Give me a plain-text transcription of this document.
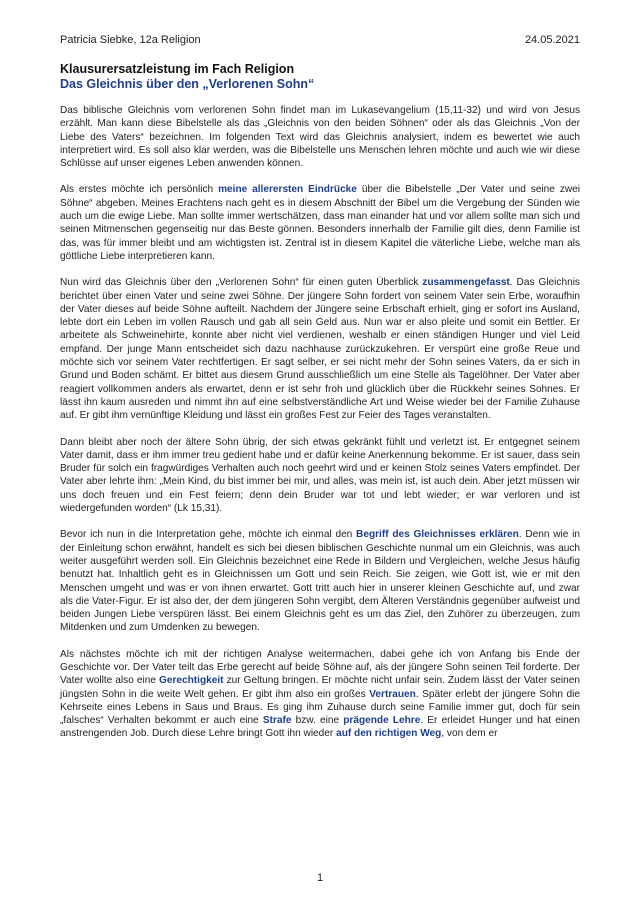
Patricia Siebke, 12a Religion	24.05.2021
Klausurersatzleistung im Fach Religion
Das Gleichnis über den „Verlorenen Sohn“

Das biblische Gleichnis vom verlorenen Sohn findet man im Lukasevangelium (15,11-32) und wird von Jesus erzählt. Man kann diese Bibelstelle als das „Gleichnis von den beiden Söhnen“ oder als das Gleichnis „Von der Liebe des Vaters“ bezeichnen. Im folgenden Text wird das Gleichnis analysiert, indem es bewertet wie auch interpretiert wird. Es soll also klar werden, was die Bibelstelle uns Menschen lehren möchte und auch wie wir diese Schlüsse auf unser eigenes Leben anwenden können.

Als erstes möchte ich persönlich meine allerersten Eindrücke über die Bibelstelle „Der Vater und seine zwei Söhne“ abgeben. Meines Erachtens nach geht es in diesem Abschnitt der Bibel um die Vergebung der Sünden wie auch um die ewige Liebe. Man sollte immer wertschätzen, dass man einander hat und vor allem sollte man sich und seinen Mitmenschen gegenseitig nur das Beste gönnen. Besonders innerhalb der Familie gilt dies, denn Familie ist das, was für immer bleibt und am wichtigsten ist. Zentral ist in diesem Kapitel die väterliche Liebe, welche man als göttliche Liebe interpretieren kann.

Nun wird das Gleichnis über den „Verlorenen Sohn“ für einen guten Überblick zusammengefasst. Das Gleichnis berichtet über einen Vater und seine zwei Söhne. Der jüngere Sohn fordert von seinem Vater sein Erbe, woraufhin der Vater dieses auf beide Söhne aufteilt. Nachdem der Jüngere seine Erbschaft erhielt, ging er sofort ins Ausland, lebte dort ein Leben im vollen Rausch und gab all sein Geld aus. Nun war er also pleite und somit ein Bettler. Er arbeitete als Schweinehirte, konnte aber nicht viel verdienen, weshalb er einen ständigen Hunger und viel Leid empfand. Der junge Mann entscheidet sich dazu nachhause zurückzukehren. Er verspürt eine große Reue und möchte sich vor seinem Vater rechtfertigen. Er sagt selber, er sei nicht mehr der Sohn seines Vaters, da er sich in Grund und Boden schämt. Er bittet aus diesem Grund ausschließlich um eine Stelle als Tagelöhner. Der Vater aber reagiert vollkommen anders als erwartet, denn er ist sehr froh und glücklich über die Rückkehr seines Sohnes. Er lässt ihn kaum ausreden und nimmt ihn auf eine selbstverständliche Art und Weise wieder bei der Familie Zuhause auf. Er gibt ihm vernünftige Kleidung und lässt ein großes Fest zur Feier des Tages veranstalten.

Dann bleibt aber noch der ältere Sohn übrig, der sich etwas gekränkt fühlt und verletzt ist. Er entgegnet seinem Vater damit, dass er ihm immer treu gedient habe und er dafür keine Anerkennung bekomme. Er ist sauer, dass sein Bruder für solch ein fragwürdiges Verhalten auch noch geehrt wird und er keinen Stolz seines Vaters empfindet. Der Vater aber lehrte ihm: „Mein Kind, du bist immer bei mir, und alles, was mein ist, ist auch dein. Aber jetzt müssen wir uns doch freuen und ein Fest feiern; denn dein Bruder war tot und lebt wieder; er war verloren und ist wiedergefunden worden“ (Lk 15,31).

Bevor ich nun in die Interpretation gehe, möchte ich einmal den Begriff des Gleichnisses erklären. Denn wie in der Einleitung schon erwähnt, handelt es sich bei diesen biblischen Geschichte nunmal um ein Gleichnis, was auch weiter ausgeführt werden soll. Ein Gleichnis bezeichnet eine Rede in Bildern und Vergleichen, welche Jesus häufig benutzt hat. Inhaltlich geht es in Gleichnissen um Gott und sein Reich. Sie zeigen, wie Gott ist, wie er mit den Menschen umgeht und was er von ihnen erwartet. Gott tritt auch hier in unserer kleinen Geschichte auf, und zwar als die Vater-Figur. Er ist also der, der dem jüngeren Sohn vergibt, dem Älteren Verständnis gegenüber aufweist und beiden Jungen Liebe verspüren lässt. Bei einem Gleichnis geht es um das Ziel, den Zuhörer zu überzeugen, zum Mitdenken und zum Umdenken zu bewegen.

Als nächstes möchte ich mit der richtigen Analyse weitermachen, dabei gehe ich von Anfang bis Ende der Geschichte vor. Der Vater teilt das Erbe gerecht auf beide Söhne auf, als der jüngere Sohn seinen Teil forderte. Der Vater wollte also eine Gerechtigkeit zur Geltung bringen. Er möchte nicht unfair sein. Zudem lässt der Vater seinen jüngsten Sohn in die weite Welt gehen. Er gibt ihm also ein großes Vertrauen. Später erlebt der jüngere Sohn die Kehrseite eines Lebens in Saus und Braus. Es ging ihm Zuhause durch seine Familie immer gut, doch für sein „falsches“ Verhalten bekommt er auch eine Strafe bzw. eine prägende Lehre. Er erleidet Hunger und hat einen anstrengenden Job. Durch diese Lehre bringt Gott ihn wieder auf den richtigen Weg, von dem er

1
